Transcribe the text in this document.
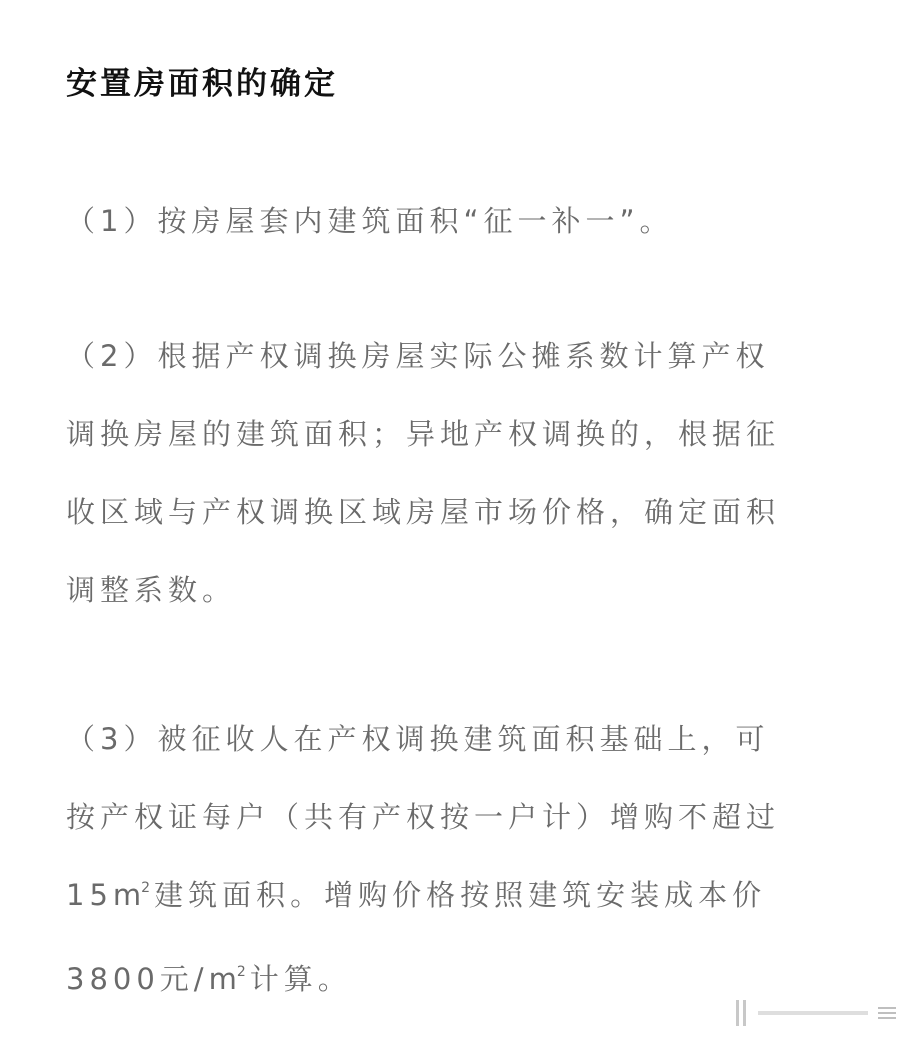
安置房面积的确定

（1）按房屋套内建筑面积“征一补一”。

（2）根据产权调换房屋实际公摊系数计算产权
调换房屋的建筑面积；异地产权调换的，根据征
收区域与产权调换区域房屋市场价格，确定面积
调整系数。

（3）被征收人在产权调换建筑面积基础上，可
按产权证每户（共有产权按一户计）增购不超过
$15m^2$建筑面积。增购价格按照建筑安装成本价
3800元$/m^2$计算。
